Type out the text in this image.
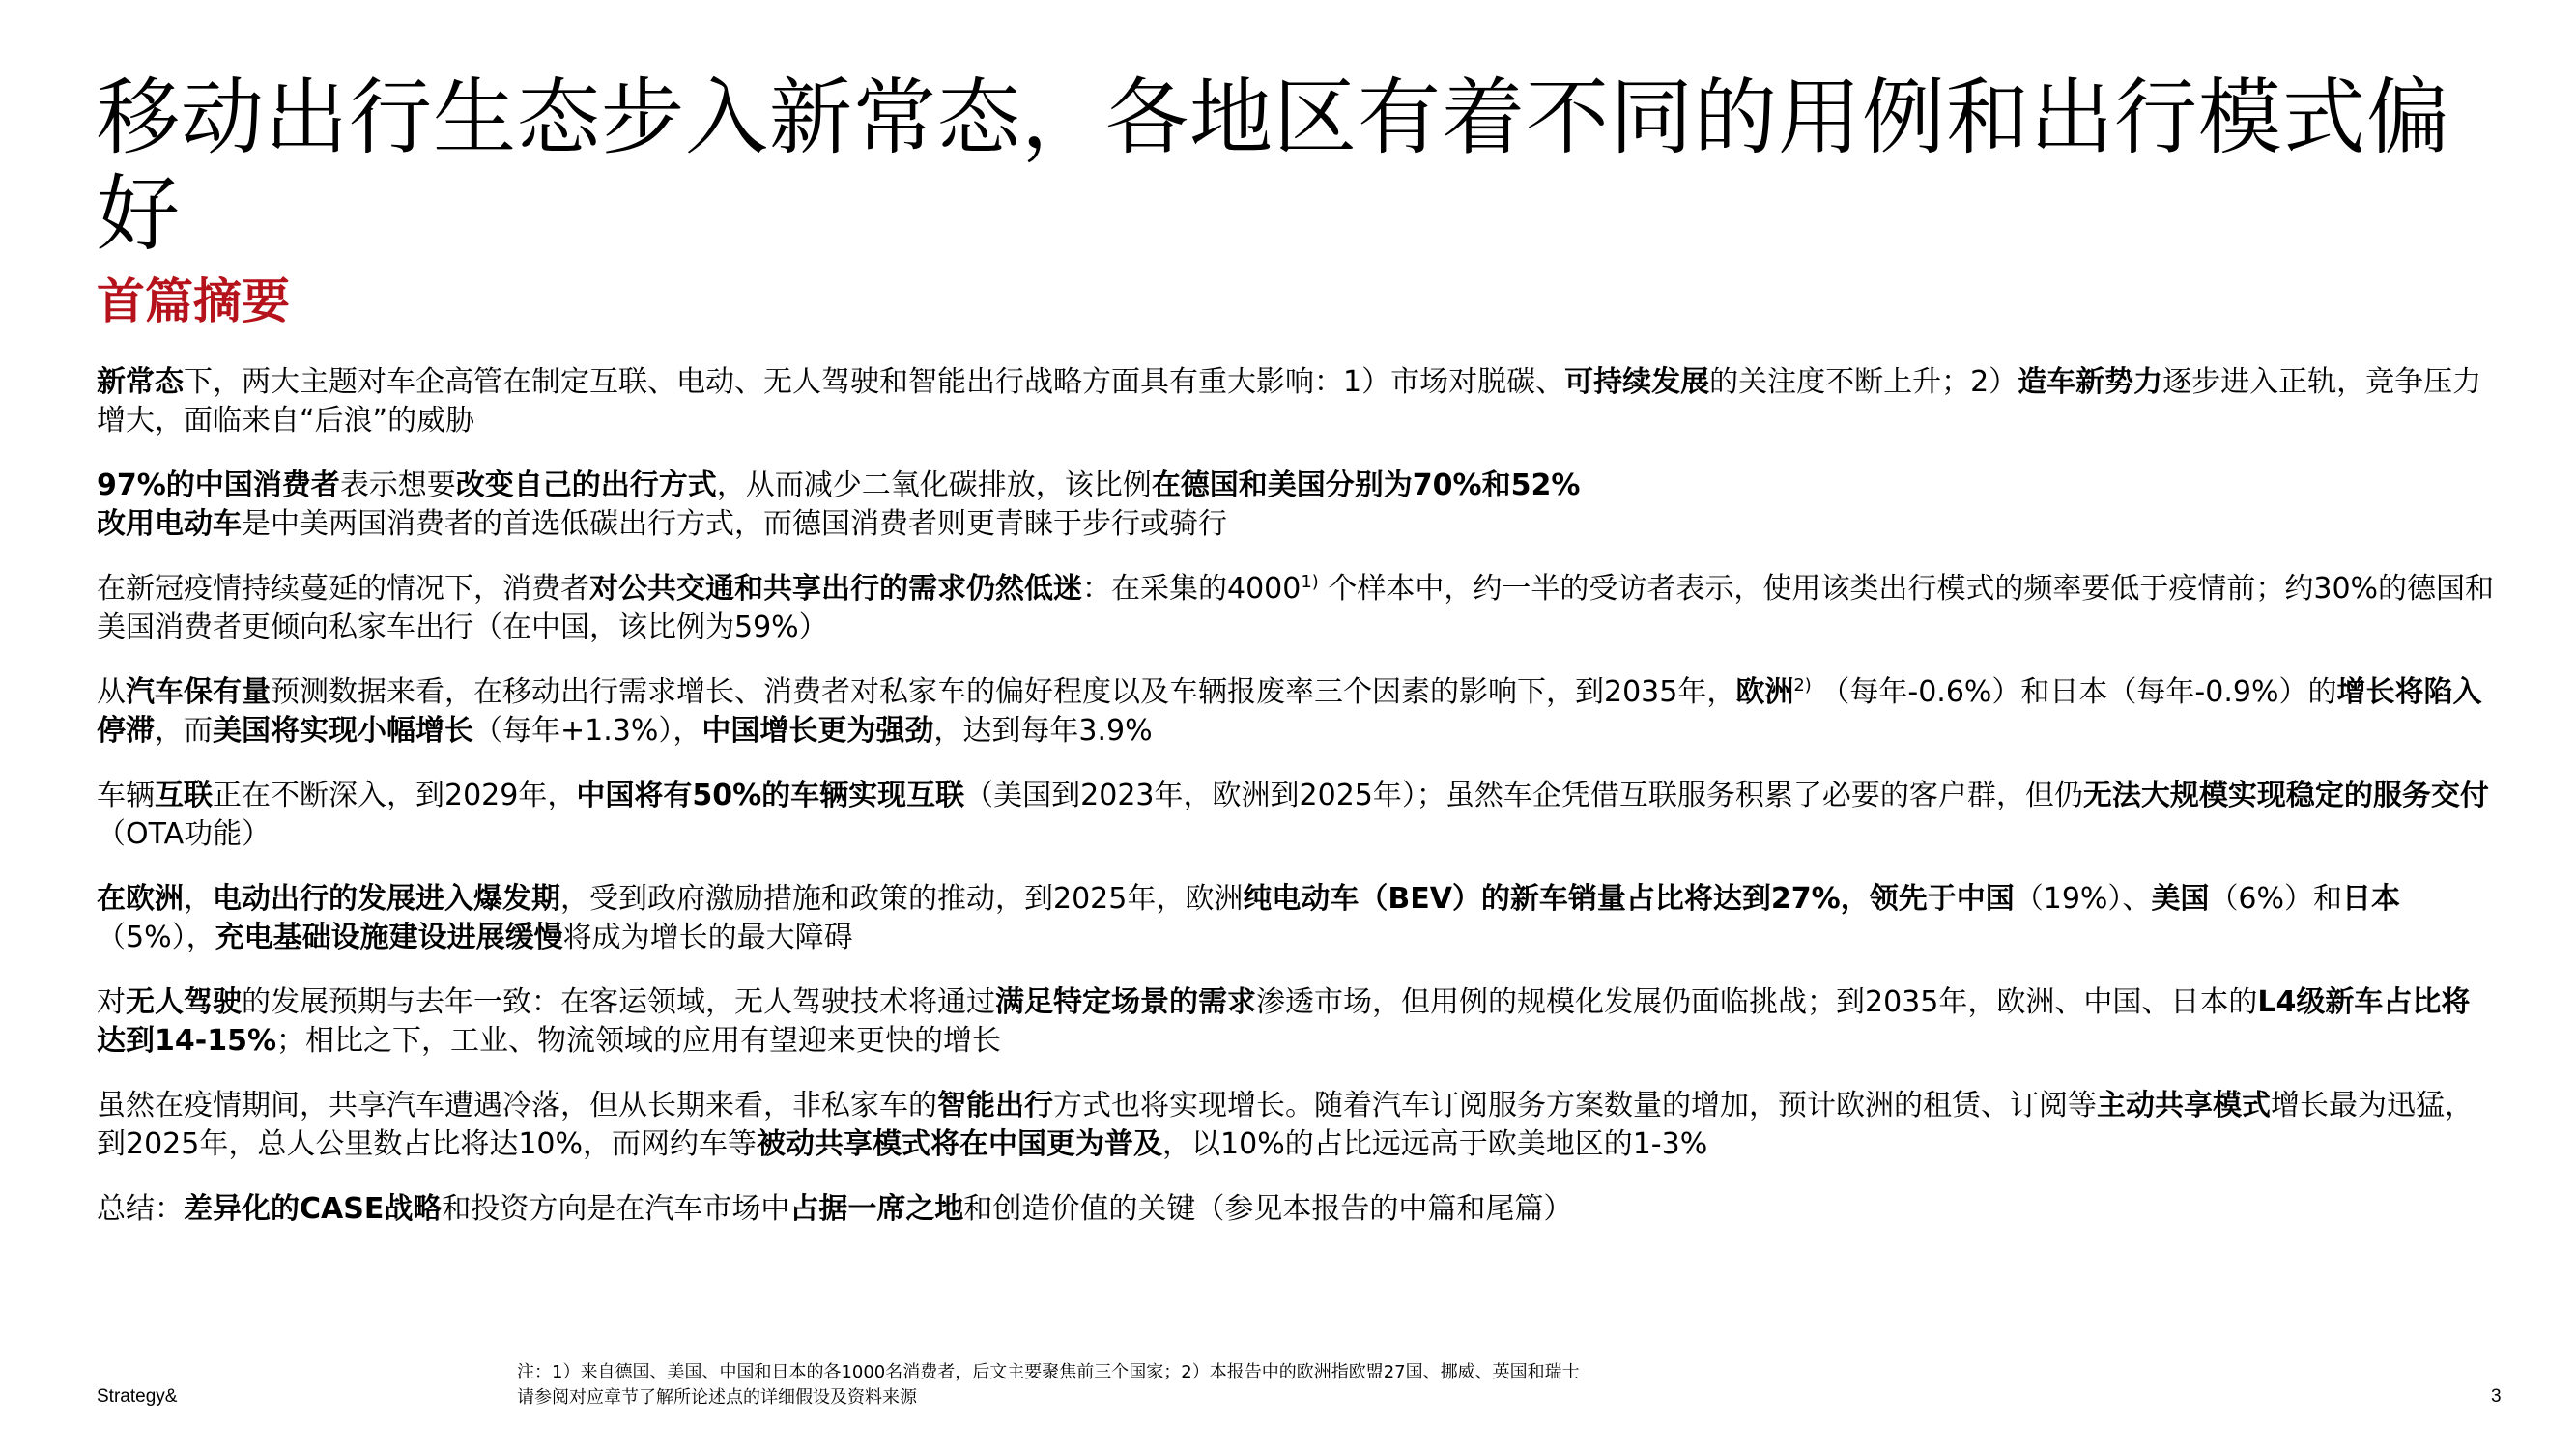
移动出行生态步入新常态，各地区有着不同的用例和出行模式偏好
首篇摘要

新常态下，两大主题对车企高管在制定互联、电动、无人驾驶和智能出行战略方面具有重大影响：1）市场对脱碳、可持续发展的关注度不断上升；2）造车新势力逐步进入正轨，竞争压力增大，面临来自“后浪”的威胁

97%的中国消费者表示想要改变自己的出行方式，从而减少二氧化碳排放，该比例在德国和美国分别为70%和52%
改用电动车是中美两国消费者的首选低碳出行方式，而德国消费者则更青睐于步行或骑行

在新冠疫情持续蔓延的情况下，消费者对公共交通和共享出行的需求仍然低迷：在采集的4000$^{1)}$ 个样本中，约一半的受访者表示，使用该类出行模式的频率要低于疫情前；约30%的德国和美国消费者更倾向私家车出行（在中国，该比例为59%）

从汽车保有量预测数据来看，在移动出行需求增长、消费者对私家车的偏好程度以及车辆报废率三个因素的影响下，到2035年，欧洲$^{2)}$ （每年-0.6%）和日本（每年-0.9%）的增长将陷入停滞，而美国将实现小幅增长（每年+1.3%），中国增长更为强劲，达到每年3.9%

车辆互联正在不断深入，到2029年，中国将有50%的车辆实现互联（美国到2023年，欧洲到2025年）；虽然车企凭借互联服务积累了必要的客户群，但仍无法大规模实现稳定的服务交付（OTA功能）

在欧洲，电动出行的发展进入爆发期，受到政府激励措施和政策的推动，到2025年，欧洲纯电动车（BEV）的新车销量占比将达到27%，领先于中国（19%）、美国（6%）和日本（5%），充电基础设施建设进展缓慢将成为增长的最大障碍

对无人驾驶的发展预期与去年一致：在客运领域，无人驾驶技术将通过满足特定场景的需求渗透市场，但用例的规模化发展仍面临挑战；到2035年，欧洲、中国、日本的L4级新车占比将达到14-15%；相比之下，工业、物流领域的应用有望迎来更快的增长

虽然在疫情期间，共享汽车遭遇冷落，但从长期来看，非私家车的智能出行方式也将实现增长。随着汽车订阅服务方案数量的增加，预计欧洲的租赁、订阅等主动共享模式增长最为迅猛，到2025年，总人公里数占比将达10%，而网约车等被动共享模式将在中国更为普及，以10%的占比远远高于欧美地区的1-3%

总结：差异化的CASE战略和投资方向是在汽车市场中占据一席之地和创造价值的关键（参见本报告的中篇和尾篇）

Strategy&
注：1）来自德国、美国、中国和日本的各1000名消费者，后文主要聚焦前三个国家；2）本报告中的欧洲指欧盟27国、挪威、英国和瑞士
请参阅对应章节了解所论述点的详细假设及资料来源	3
